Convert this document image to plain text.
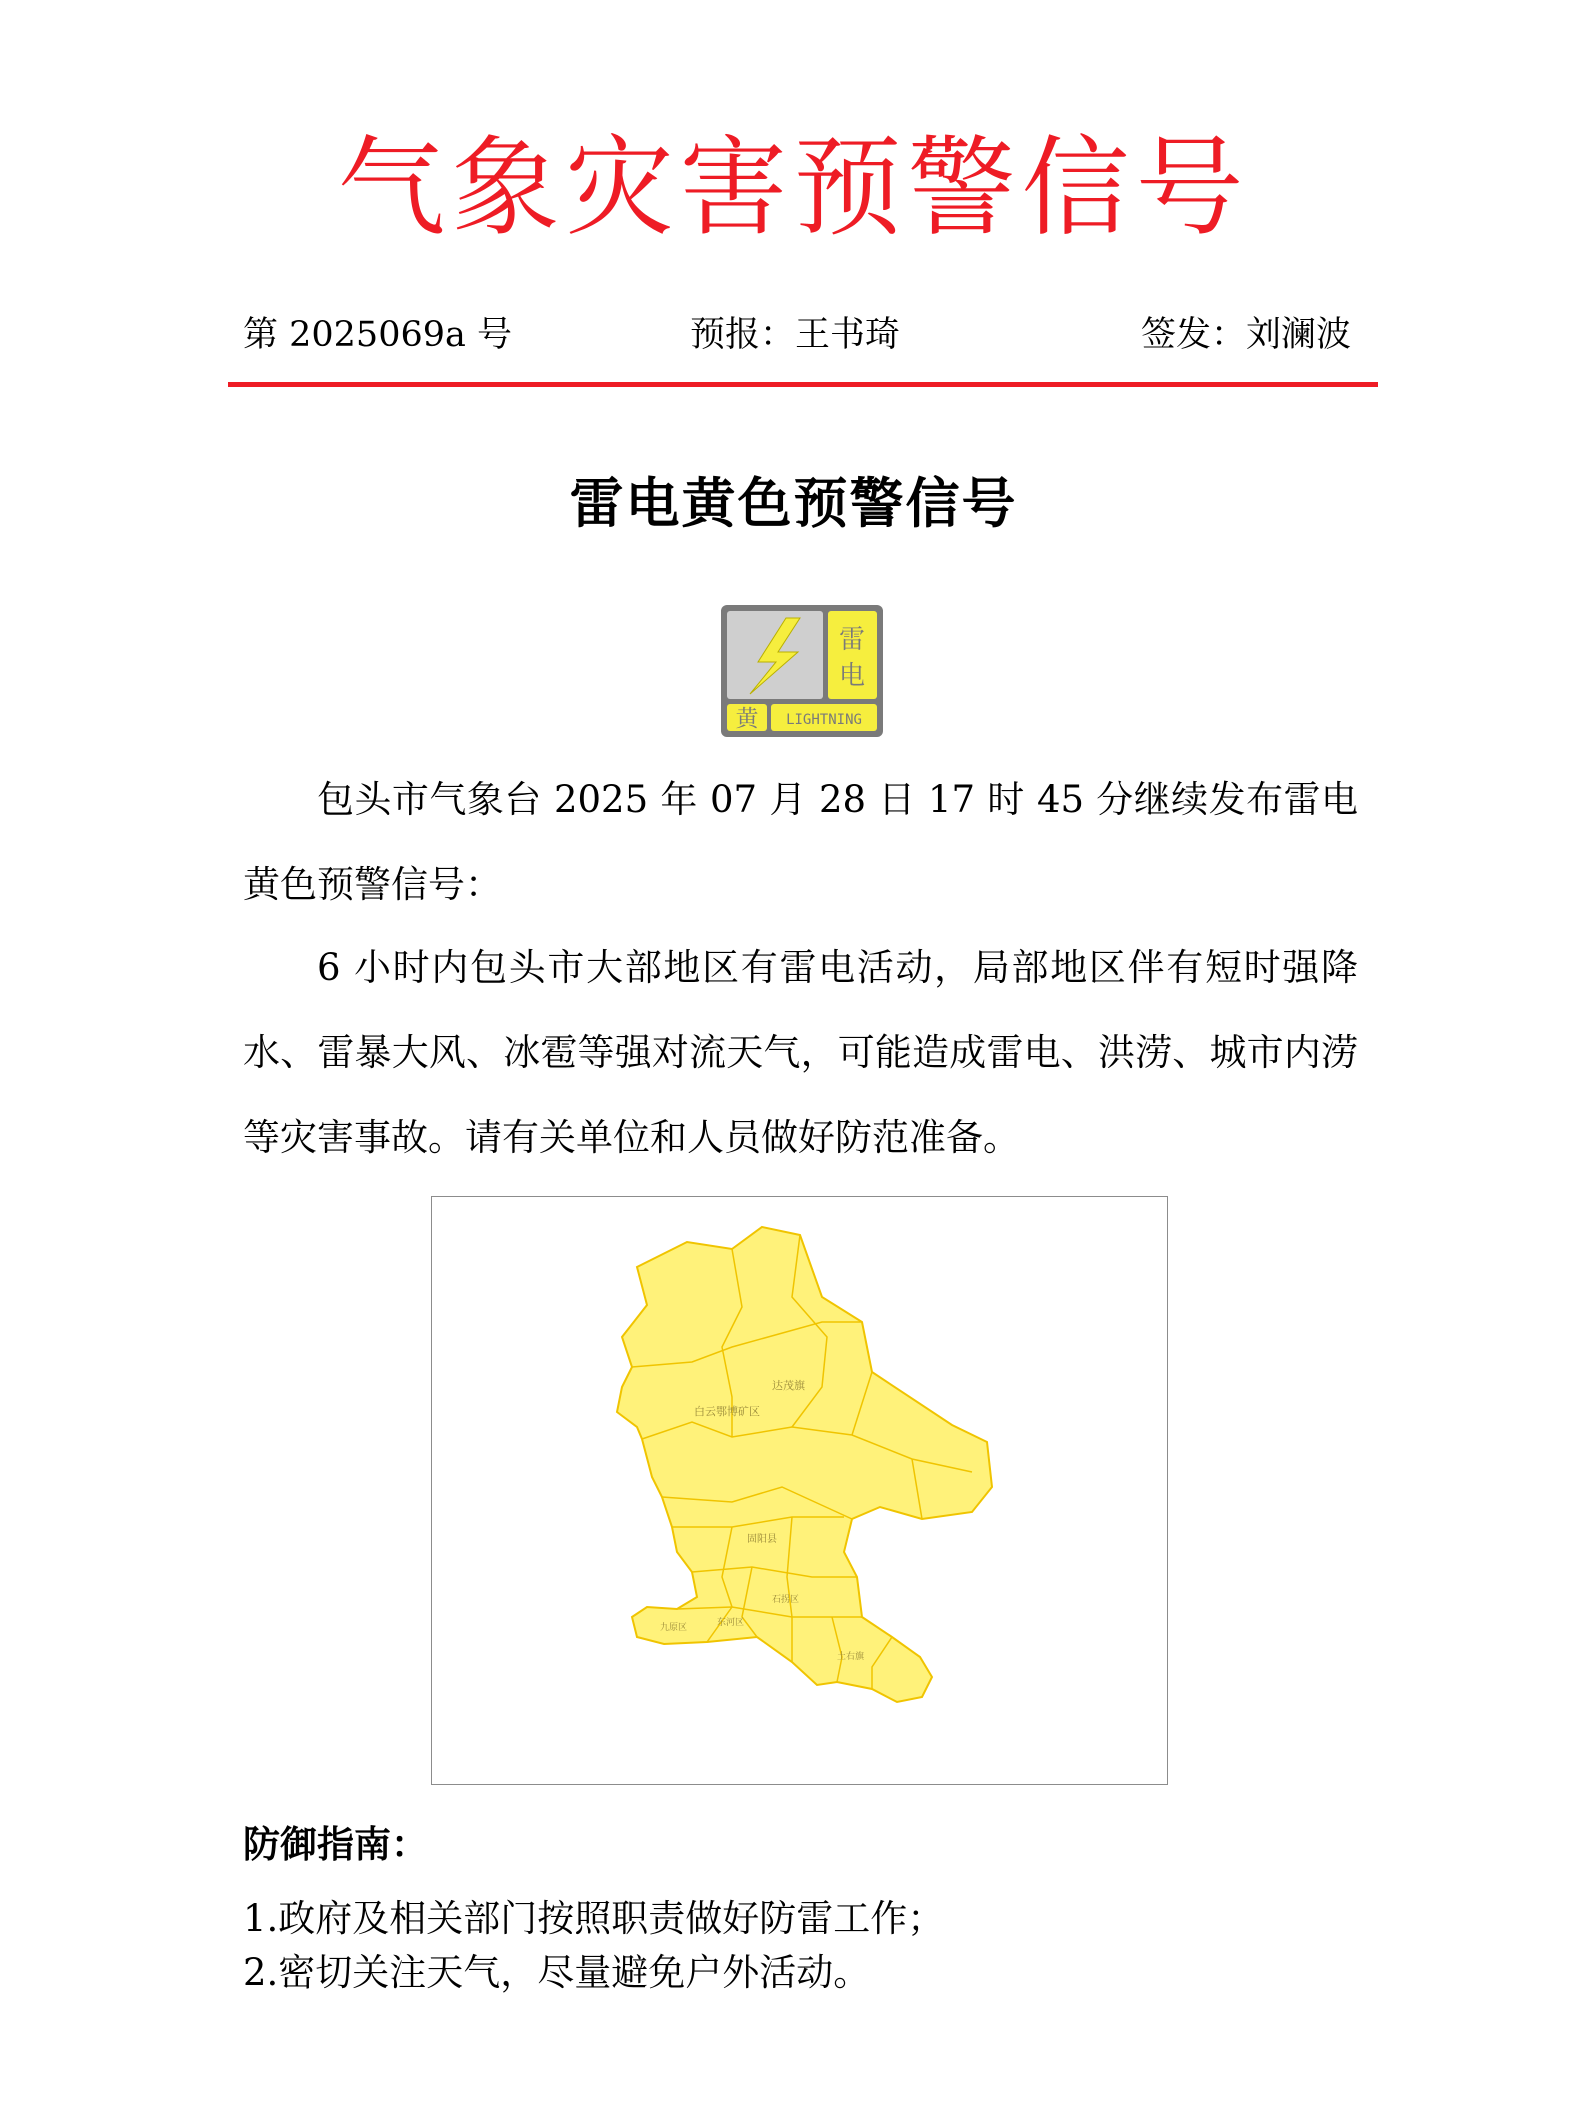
气象灾害预警信号
第 2025069a 号	预报：王书琦	签发：刘澜波
雷电黄色预警信号
雷
电
黄 LIGHTNING

包头市气象台 2025 年 07 月 28 日 17 时 45 分继续发布雷电黄色预警信号：

6 小时内包头市大部地区有雷电活动，局部地区伴有短时强降水、雷暴大风、冰雹等强对流天气，可能造成雷电、洪涝、城市内涝等灾害事故。请有关单位和人员做好防范准备。

达茂旗
白云鄂博矿区
固阳县
石拐区
东河区
九原区
土右旗
防御指南：
1.政府及相关部门按照职责做好防雷工作；
2.密切关注天气，尽量避免户外活动。
